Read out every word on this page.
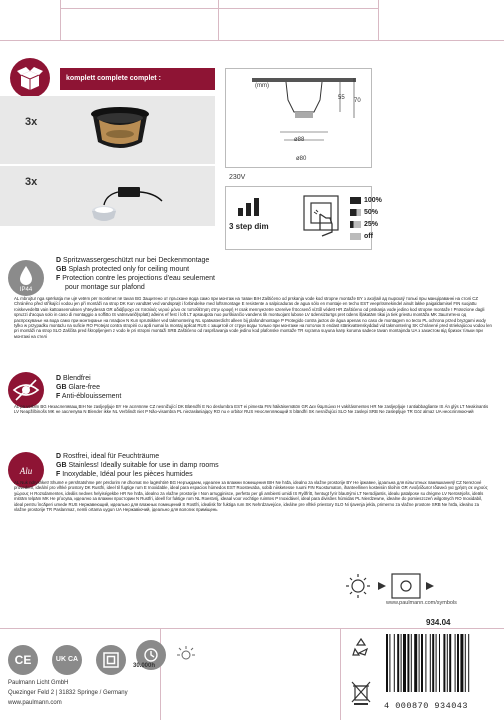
komplett complete complet :
3x
3x	230V
(mm)
55 70
ø88
ø80
3 step dim
100%
50%
25%
off
IP44
D Spritzwassergeschützt nur bei Deckenmontage
GB Splash protected only for ceiling mount
F Protection contre les projections d'eau seulement
pour montage sur plafond
AL mbrojtur nga spërkatja me ujë vetëm për montimet në tavan BG Защитено от пръскане вода само при монтаж на таван BIH Zaštićeno od prskanja vode kod stropne montaže BY з ахоўай ад пырскаў толькі пры манціраванні на столі CZ Chráněno před stříkající vodou jen při montáži na strop DK Kun vandtæt ved vandsprøjt i forbindelse med loftsmontage E resistente a salpicaduras de agua sólo en montaje en techo EST veepritsmekindel ainult lakke paigaldamisel FIN suojattu roiskevedeltä vain kattoasennuksen yhteydessä GR αδιάβροχο σε πιτσιλιές νερού μόνο σε τοποθέτηση στην οροφή H csak mennyezetre szerelve fröccsenő víztől védett HR Zaštićeno od prskanja vode jedino kod stropne montaže I Protezione dagli spruzzi d'acqua solo in caso di montaggio a soffitto IS vatnsvarið(splatt) aðeins ef fest í loft LT apsaugota nuo purškiančio vandens tik montuojant lubose LV ūdensizturīgs pret ūdens šļakatām tikai ja tiek griestu montāža MK Заштитено од распрскување на вода само при монтирање на плафон N Kun sprutsikker ved takmontering NL spatwaterdicht alleen bij plafondmontage P Protegido contra jactos de água apenas no caso de montagem no tecto PL ochrona przed bryzgami wody tylko w przypadku montażu na suficie RO Protejat contra stropirii cu apă numai la montaj aplicat RUS с защитой от струи воды только при монтаже на потолок S endast stänkvattenskyddad vid takmontering SK Chránené pred striekajúcou vodou len pri montáži na strop SLO Zaščita pred škropljenjem z vodo le pri stropni montaži SRB Zaštićeno od raspršavanja vode jedino kod plafonske montaže TR sıçrama suyuna karşı koruma sadece tavan montajında UA з захистом від бризок тільки при монтажі на стелі
D Blendfrei
GB Glare-free
F Anti-éblouissement
AL pa verbim BG Незаслепяващ BIH Ne zasljepljuje BY Не асляпляе CZ nesnižující DK Blændfri E No deslumbra EST ei pimesta FIN häikäisemätön GR Δεν θαμπώνει H vakításmentes HR Ne zasljepljuje I antiabbagliante IS Án glýs LT Neakinantis LV Neapžilbinošs MK не заслепува N Blender ikke NL Verblindt niet P Não-visambra PL niezasłaniający RO nu e orbitor RUS Неослепляющий S bländfri SK nesnižujúci SLO Ne zaslepi SRB Ne zaslepljuje TR Göz almaz UA неосліплюючий
Alu
D Rostfrei, ideal für Feuchträume
GB Stainless! Ideally suitable for use in damp rooms
F Inoxydable, Idéal pour les pièces humides
AL Nuk ndryshket! Shumë e përshtatshme për përdorim në dhomat me lagështirë BG Неръждаем, идеален за влажни помещения BIH Ne hrđa, idealno za vlažne prostorije BY Не іржавее, ідэальна для вільготных памяшканняў CZ Nerezové provedení, ideální pro vlhké prostory DK Rustfri, ideel til fugtige rum E Inoxidable, ideal para espacios húmedos EST Roostevaba, sobib niisketesse ruumi FIN Ruostumaton, ihanteellinen kosteisiin tiloihin GR Ανοξείδωτο! Ιδανικό για χρήση σε υγρούς χώρους H Rozsdamentes, ideális nedves helyiségekbe HR Ne hrđa, idealno za vlažne prostorije I Non arrugginisce, perfetto per gli ambienti umidi IS Ryðfrítt, hentugt fyrir blautrými LT Nerūdijantis, idealu patalpose su drėgme LV Nerūsējošs, ideāls mitrām telpām MK Не рѓосува, идеално за влажни простории N Rustfri, ideell for fuktige rom NL Roestvrij, ideaal voor vochtige ruimtes P Inoxidável, ideal para divisões húmidas PL Nierdzewne, idealne do pomieszczeń wilgotnych RO Inoxidabil, ideal pentru încăperi umede RUS Нержавеющий, идеально для влажных помещений S Rostfri, idealisk för fuktiga rum SK Nehrdzavejúce, ideálne pre vlhké priestory SLO Ni rjavenja jekla, primerno za vlažne prostore SRB Ne hrđa, idealno za vlažne prostorije TR Paslanmaz, nemli ortama uygun UA Нержавіючий, ідеально для вологих приміщень
www.paulmann.com/symbols
934.04
CE	UK CA
30.000h
Paulmann Licht GmbH
Quezinger Feld 2 | 31832 Springe / Germany
www.paulmann.com	4 000870 934043
